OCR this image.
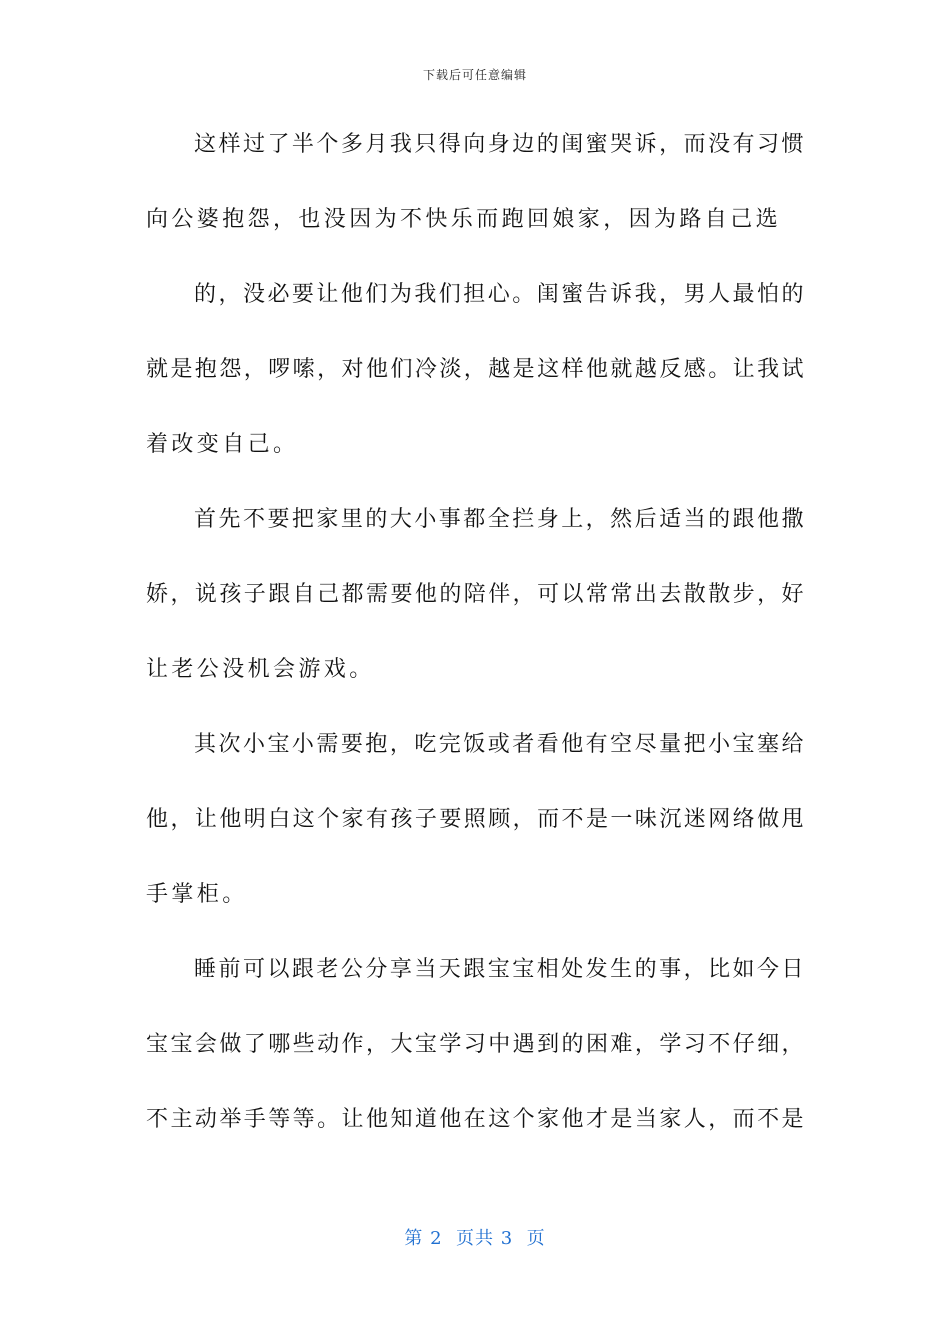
下载后可任意编辑
这样过了半个多月我只得向身边的闺蜜哭诉，而没有习惯
向公婆抱怨，也没因为不快乐而跑回娘家，因为路自己选
的，没必要让他们为我们担心。闺蜜告诉我，男人最怕的
就是抱怨，啰嗦，对他们冷淡，越是这样他就越反感。让我试
着改变自己。
首先不要把家里的大小事都全拦身上，然后适当的跟他撒
娇，说孩子跟自己都需要他的陪伴，可以常常出去散散步，好
让老公没机会游戏。
其次小宝小需要抱，吃完饭或者看他有空尽量把小宝塞给
他，让他明白这个家有孩子要照顾，而不是一味沉迷网络做甩
手掌柜。
睡前可以跟老公分享当天跟宝宝相处发生的事，比如今日
宝宝会做了哪些动作，大宝学习中遇到的困难，学习不仔细，
不主动举手等等。让他知道他在这个家他才是当家人，而不是
第 2  页共 3  页
